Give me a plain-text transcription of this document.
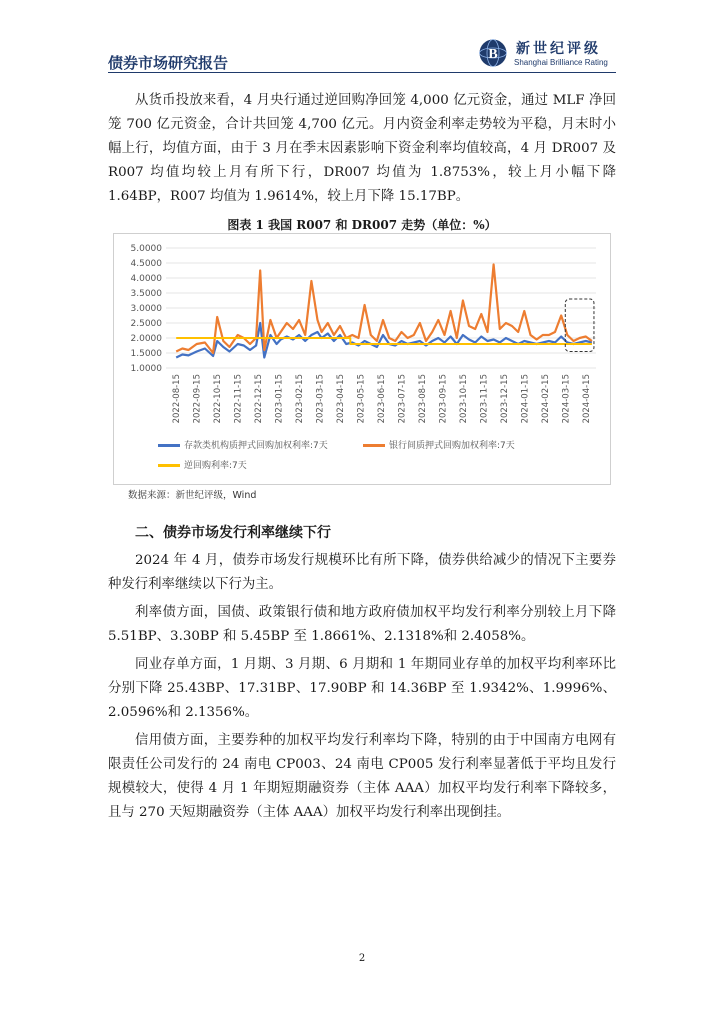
债券市场研究报告	B 新世纪评级
Shanghai Brilliance Rating

从货币投放来看，4 月央行通过逆回购净回笼 4,000 亿元资金，通过 MLF 净回笼 700 亿元资金，合计共回笼 4,700 亿元。月内资金利率走势较为平稳，月末时小幅上行，均值方面，由于 3 月在季末因素影响下资金利率均值较高，4 月 DR007 及 R007 均值均较上月有所下行，DR007 均值为 1.8753%，较上月小幅下降 1.64BP，R007 均值为 1.9614%，较上月下降 15.17BP。

图表 1 我国 R007 和 DR007 走势（单位：%）
5.0000
4.5000
4.0000
3.5000
3.0000
2.5000
2.0000
1.5000
1.0000
2022-08-15 2022-09-15 2022-10-15 2022-11-15 2022-12-15 2023-01-15 2023-02-15 2023-03-15 2023-04-15 2023-05-15 2023-06-15 2023-07-15 2023-08-15 2023-09-15 2023-10-15 2023-11-15 2023-12-15 2024-01-15 2024-02-15 2024-03-15 2024-04-15
存款类机构质押式回购加权利率:7天	银行间质押式回购加权利率:7天
逆回购利率:7天
数据来源：新世纪评级，Wind
二、债券市场发行利率继续下行

2024 年 4 月，债券市场发行规模环比有所下降，债券供给减少的情况下主要券种发行利率继续以下行为主。

利率债方面，国债、政策银行债和地方政府债加权平均发行利率分别较上月下降 5.51BP、3.30BP 和 5.45BP 至 1.8661%、2.1318%和 2.4058%。

同业存单方面，1 月期、3 月期、6 月期和 1 年期同业存单的加权平均利率环比分别下降 25.43BP、17.31BP、17.90BP 和 14.36BP 至 1.9342%、1.9996%、2.0596%和 2.1356%。

信用债方面，主要券种的加权平均发行利率均下降，特别的由于中国南方电网有限责任公司发行的 24 南电 CP003、24 南电 CP005 发行利率显著低于平均且发行规模较大，使得 4 月 1 年期短期融资券（主体 AAA）加权平均发行利率下降较多，且与 270 天短期融资券（主体 AAA）加权平均发行利率出现倒挂。

2
